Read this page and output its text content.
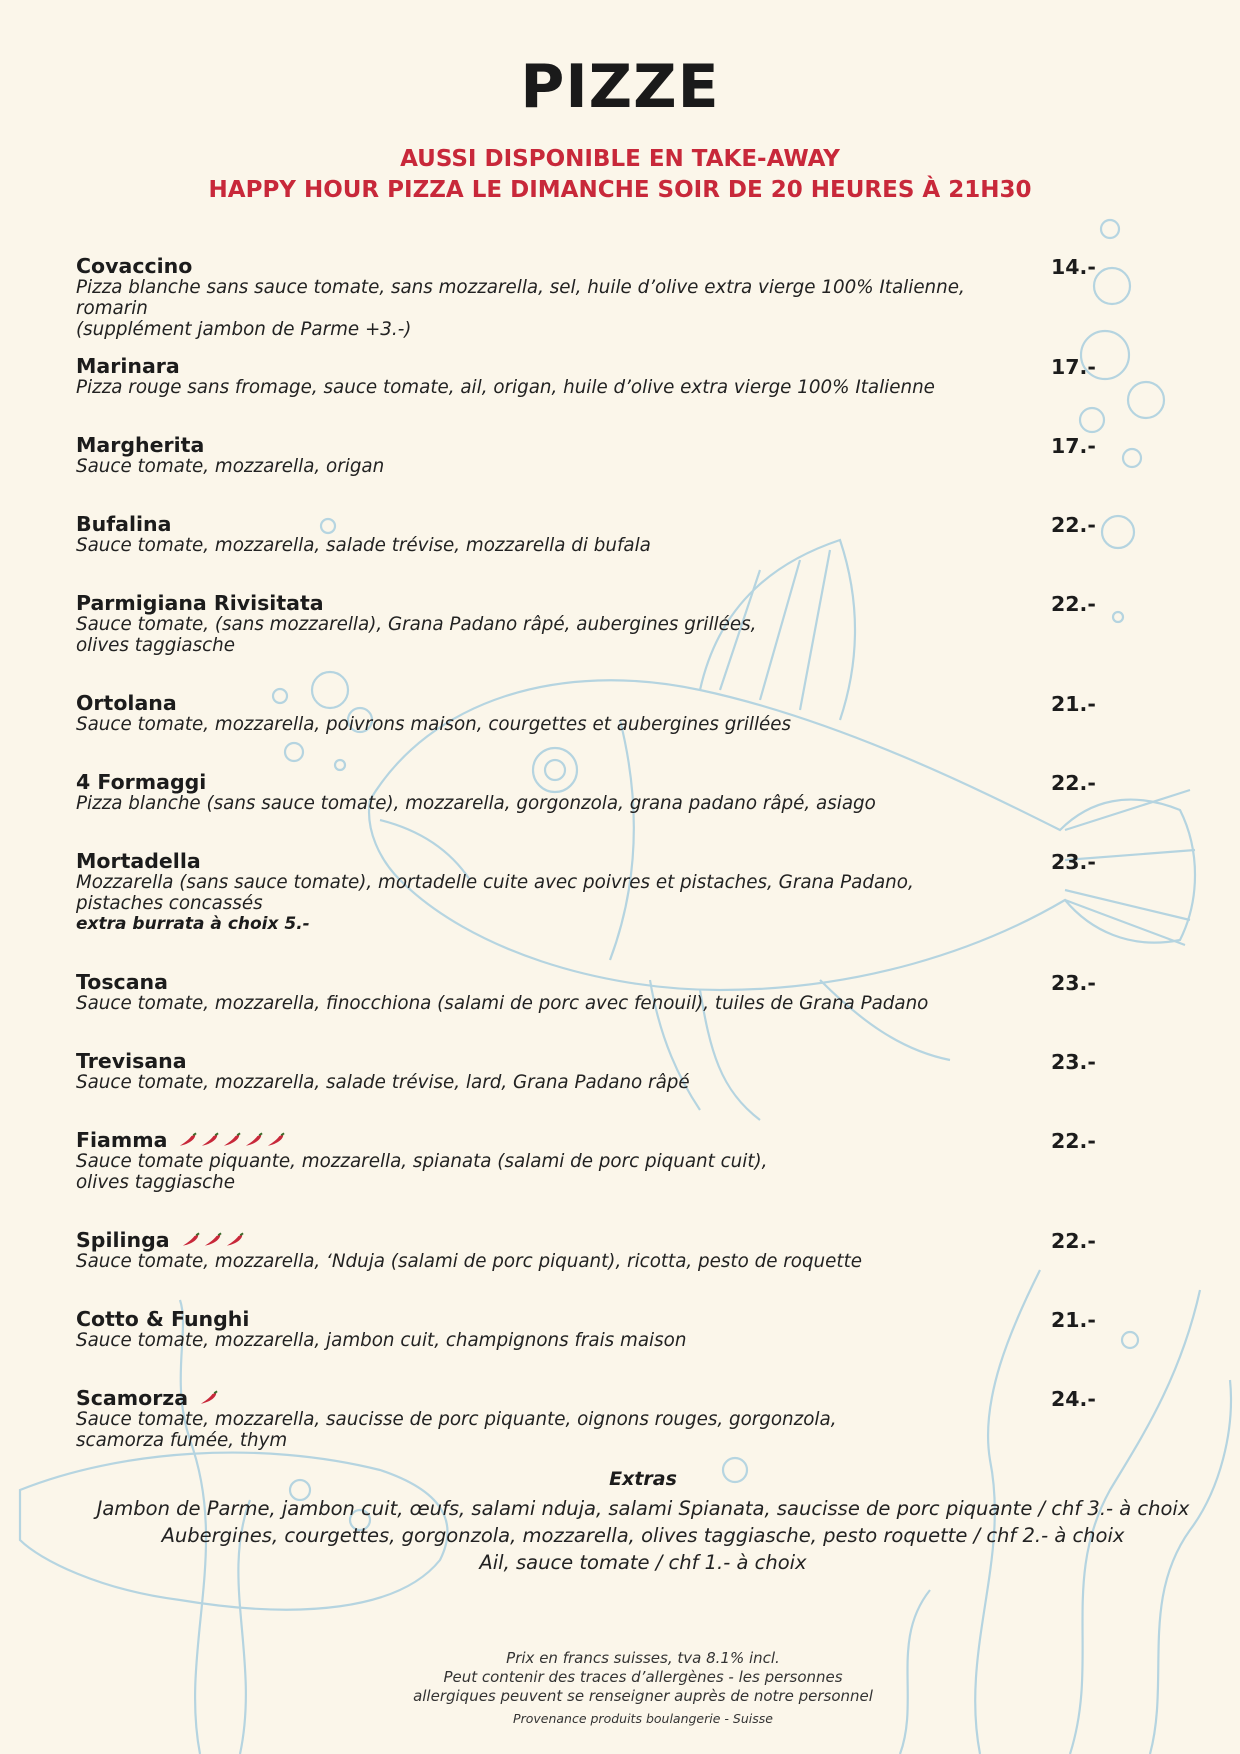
PIZZE
AUSSI DISPONIBLE EN TAKE-AWAY
HAPPY HOUR PIZZA LE DIMANCHE SOIR DE 20 HEURES À 21H30
Covaccino
Pizza blanche sans sauce tomate, sans mozzarella, sel, huile d’olive extra vierge 100% Italienne, romarin
(supplément jambon de Parme +3.-)
14.-
Marinara
Pizza rouge sans fromage, sauce tomate, ail, origan, huile d’olive extra vierge 100% Italienne
17.-
Margherita
Sauce tomate, mozzarella, origan
17.-
Bufalina
Sauce tomate, mozzarella, salade trévise, mozzarella di bufala
22.-
Parmigiana Rivisitata
Sauce tomate, (sans mozzarella), Grana Padano râpé, aubergines grillées,
olives taggiasche
22.-
Ortolana
Sauce tomate, mozzarella, poivrons maison, courgettes et aubergines grillées
21.-
4 Formaggi
Pizza blanche (sans sauce tomate), mozzarella, gorgonzola, grana padano râpé, asiago
22.-
Mortadella
Mozzarella (sans sauce tomate), mortadelle cuite avec poivres et pistaches, Grana Padano,
pistaches concassés
extra burrata à choix 5.-
23.-
Toscana
Sauce tomate, mozzarella, finocchiona (salami de porc avec fenouil), tuiles de Grana Padano
23.-
Trevisana
Sauce tomate, mozzarella, salade trévise, lard, Grana Padano râpé
23.-
Fiamma
Sauce tomate piquante, mozzarella, spianata (salami de porc piquant cuit),
olives taggiasche
22.-
Spilinga
Sauce tomate, mozzarella, ‘Nduja (salami de porc piquant), ricotta, pesto de roquette
22.-
Cotto & Funghi
Sauce tomate, mozzarella, jambon cuit, champignons frais maison
21.-
Scamorza
Sauce tomate, mozzarella, saucisse de porc piquante, oignons rouges, gorgonzola,
scamorza fumée, thym
24.-
Extras
Jambon de Parme, jambon cuit, œufs, salami nduja, salami Spianata, saucisse de porc piquante / chf 3.- à choix
Aubergines, courgettes, gorgonzola, mozzarella, olives taggiasche, pesto roquette / chf 2.- à choix
Ail, sauce tomate / chf 1.- à choix
Prix en francs suisses, tva 8.1% incl.
Peut contenir des traces d’allergènes - les personnes
allergiques peuvent se renseigner auprès de notre personnel
Provenance produits boulangerie - Suisse
